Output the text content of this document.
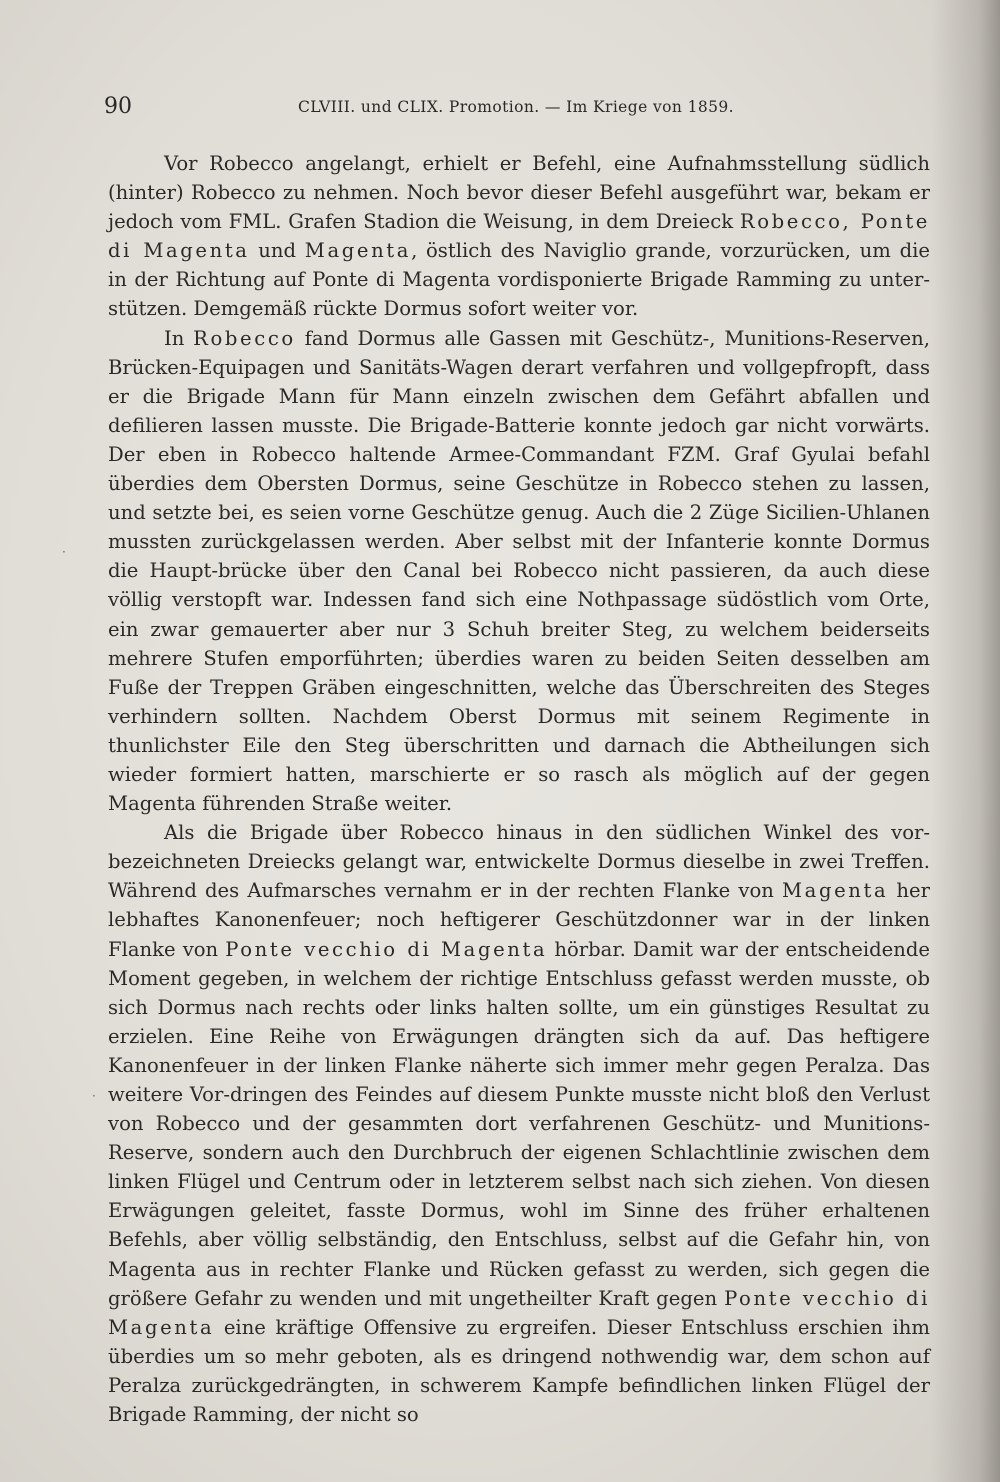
90	CLVIII. und CLIX. Promotion. — Im Kriege von 1859.

Vor Robecco angelangt, erhielt er Befehl, eine Aufnahmsstellung südlich (hinter) Robecco zu nehmen. Noch bevor dieser Befehl ausgeführt war, bekam er jedoch vom FML. Grafen Stadion die Weisung, in dem Dreieck Robecco, Ponte di Magenta und Magenta, östlich des Naviglio grande, vorzurücken, um die in der Richtung auf Ponte di Magenta vordisponierte Brigade Ramming zu unter-stützen. Demgemäß rückte Dormus sofort weiter vor.

In Robecco fand Dormus alle Gassen mit Geschütz-, Munitions-Reserven, Brücken-Equipagen und Sanitäts-Wagen derart verfahren und vollgepfropft, dass er die Brigade Mann für Mann einzeln zwischen dem Gefährt abfallen und defilieren lassen musste. Die Brigade-Batterie konnte jedoch gar nicht vorwärts. Der eben in Robecco haltende Armee-Commandant FZM. Graf Gyulai befahl überdies dem Obersten Dormus, seine Geschütze in Robecco stehen zu lassen, und setzte bei, es seien vorne Geschütze genug. Auch die 2 Züge Sicilien-Uhlanen mussten zurückgelassen werden. Aber selbst mit der Infanterie konnte Dormus die Haupt-brücke über den Canal bei Robecco nicht passieren, da auch diese völlig verstopft war. Indessen fand sich eine Nothpassage südöstlich vom Orte, ein zwar gemauerter aber nur 3 Schuh breiter Steg, zu welchem beiderseits mehrere Stufen emporführten; überdies waren zu beiden Seiten desselben am Fuße der Treppen Gräben eingeschnitten, welche das Überschreiten des Steges verhindern sollten. Nachdem Oberst Dormus mit seinem Regimente in thunlichster Eile den Steg überschritten und darnach die Abtheilungen sich wieder formiert hatten, marschierte er so rasch als möglich auf der gegen Magenta führenden Straße weiter.

Als die Brigade über Robecco hinaus in den südlichen Winkel des vor-bezeichneten Dreiecks gelangt war, entwickelte Dormus dieselbe in zwei Treffen. Während des Aufmarsches vernahm er in der rechten Flanke von Magenta her lebhaftes Kanonenfeuer; noch heftigerer Geschützdonner war in der linken Flanke von Ponte vecchio di Magenta hörbar. Damit war der entscheidende Moment gegeben, in welchem der richtige Entschluss gefasst werden musste, ob sich Dormus nach rechts oder links halten sollte, um ein günstiges Resultat zu erzielen. Eine Reihe von Erwägungen drängten sich da auf. Das heftigere Kanonenfeuer in der linken Flanke näherte sich immer mehr gegen Peralza. Das weitere Vor-dringen des Feindes auf diesem Punkte musste nicht bloß den Verlust von Robecco und der gesammten dort verfahrenen Geschütz- und Munitions-Reserve, sondern auch den Durchbruch der eigenen Schlachtlinie zwischen dem linken Flügel und Centrum oder in letzterem selbst nach sich ziehen. Von diesen Erwägungen geleitet, fasste Dormus, wohl im Sinne des früher erhaltenen Befehls, aber völlig selbständig, den Entschluss, selbst auf die Gefahr hin, von Magenta aus in rechter Flanke und Rücken gefasst zu werden, sich gegen die größere Gefahr zu wenden und mit ungetheilter Kraft gegen Ponte vecchio di Magenta eine kräftige Offensive zu ergreifen. Dieser Entschluss erschien ihm überdies um so mehr geboten, als es dringend nothwendig war, dem schon auf Peralza zurückgedrängten, in schwerem Kampfe befindlichen linken Flügel der Brigade Ramming, der nicht so

·
·
